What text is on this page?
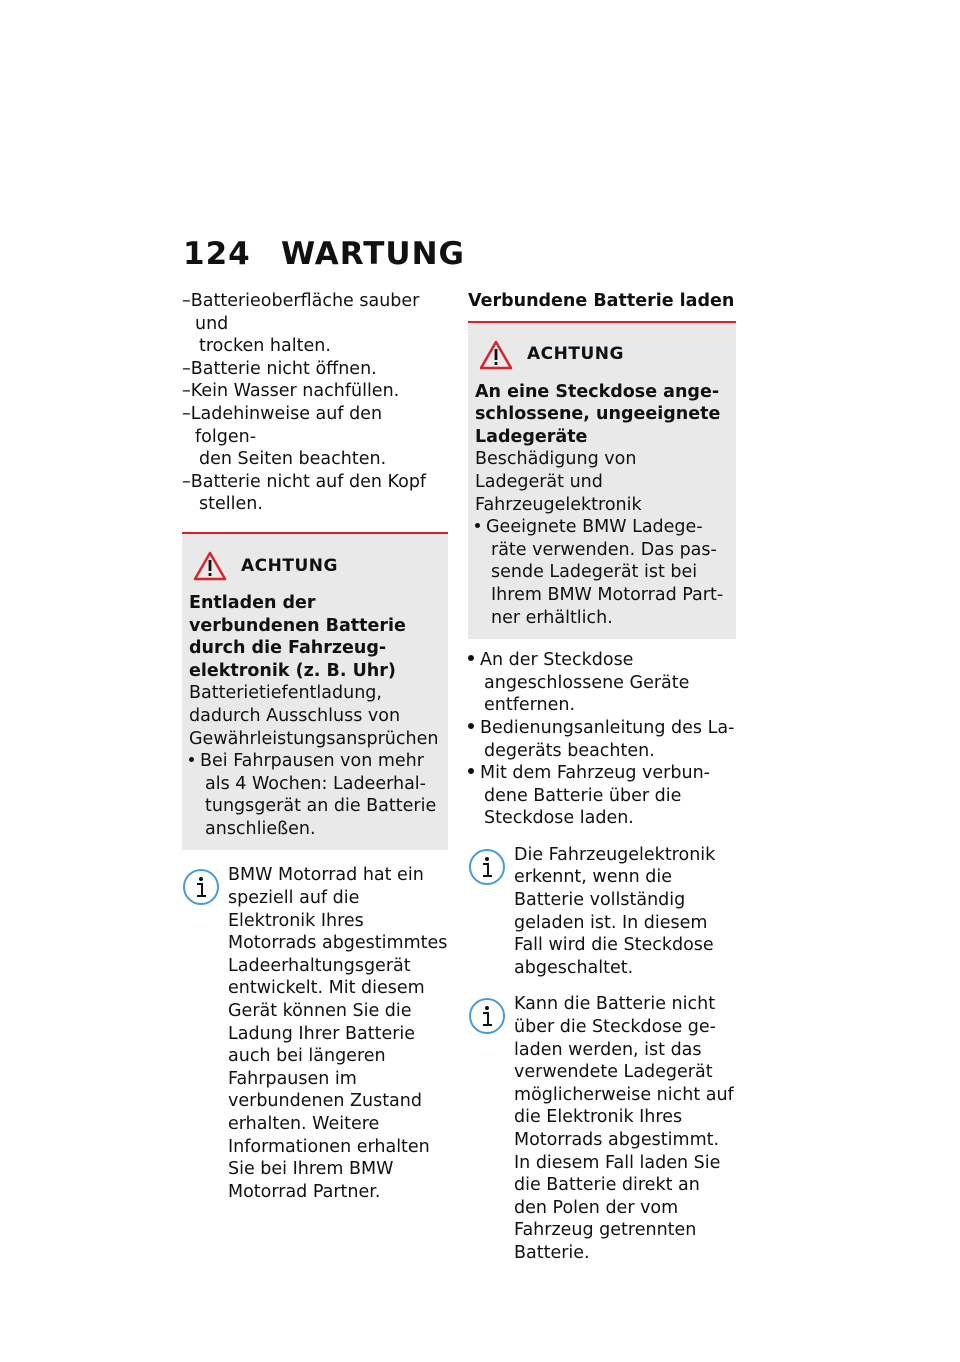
124 WARTUNG
–Batterieoberfläche sauber und
trocken halten.
–Batterie nicht öffnen.
–Kein Wasser nachfüllen.
–Ladehinweise auf den folgen-
den Seiten beachten.
–Batterie nicht auf den Kopf
stellen.
ACHTUNG
Entladen der verbundenen Batterie durch die Fahrzeugelektronik (z. B. Uhr)
Batterietiefentladung, dadurch Ausschluss von Gewährleistungsansprüchen
Bei Fahrpausen von mehr als 4 Wochen: Ladeerhaltungsgerät an die Batterie anschließen.
BMW Motorrad hat ein speziell auf die Elektronik Ihres Motorrads abgestimmtes Ladeerhaltungsgerät entwickelt. Mit diesem Gerät können Sie die Ladung Ihrer Batterie auch bei längeren Fahrpausen im verbundenen Zustand erhalten. Weitere Informationen erhalten Sie bei Ihrem BMW Motorrad Partner.
Verbundene Batterie laden
ACHTUNG
An eine Steckdose angeschlossene, ungeeignete Ladegeräte
Beschädigung von Ladegerät und Fahrzeugelektronik
Geeignete BMW Ladegeräte verwenden. Das passende Ladegerät ist bei Ihrem BMW Motorrad Partner erhältlich.
An der Steckdose angeschlossene Geräte entfernen.
Bedienungsanleitung des Ladegeräts beachten.
Mit dem Fahrzeug verbundene Batterie über die Steckdose laden.
Die Fahrzeugelektronik erkennt, wenn die Batterie vollständig geladen ist. In diesem Fall wird die Steckdose abgeschaltet.
Kann die Batterie nicht über die Steckdose geladen werden, ist das verwendete Ladegerät möglicherweise nicht auf die Elektronik Ihres Motorrads abgestimmt. In diesem Fall laden Sie die Batterie direkt an den Polen der vom Fahrzeug getrennten Batterie.
